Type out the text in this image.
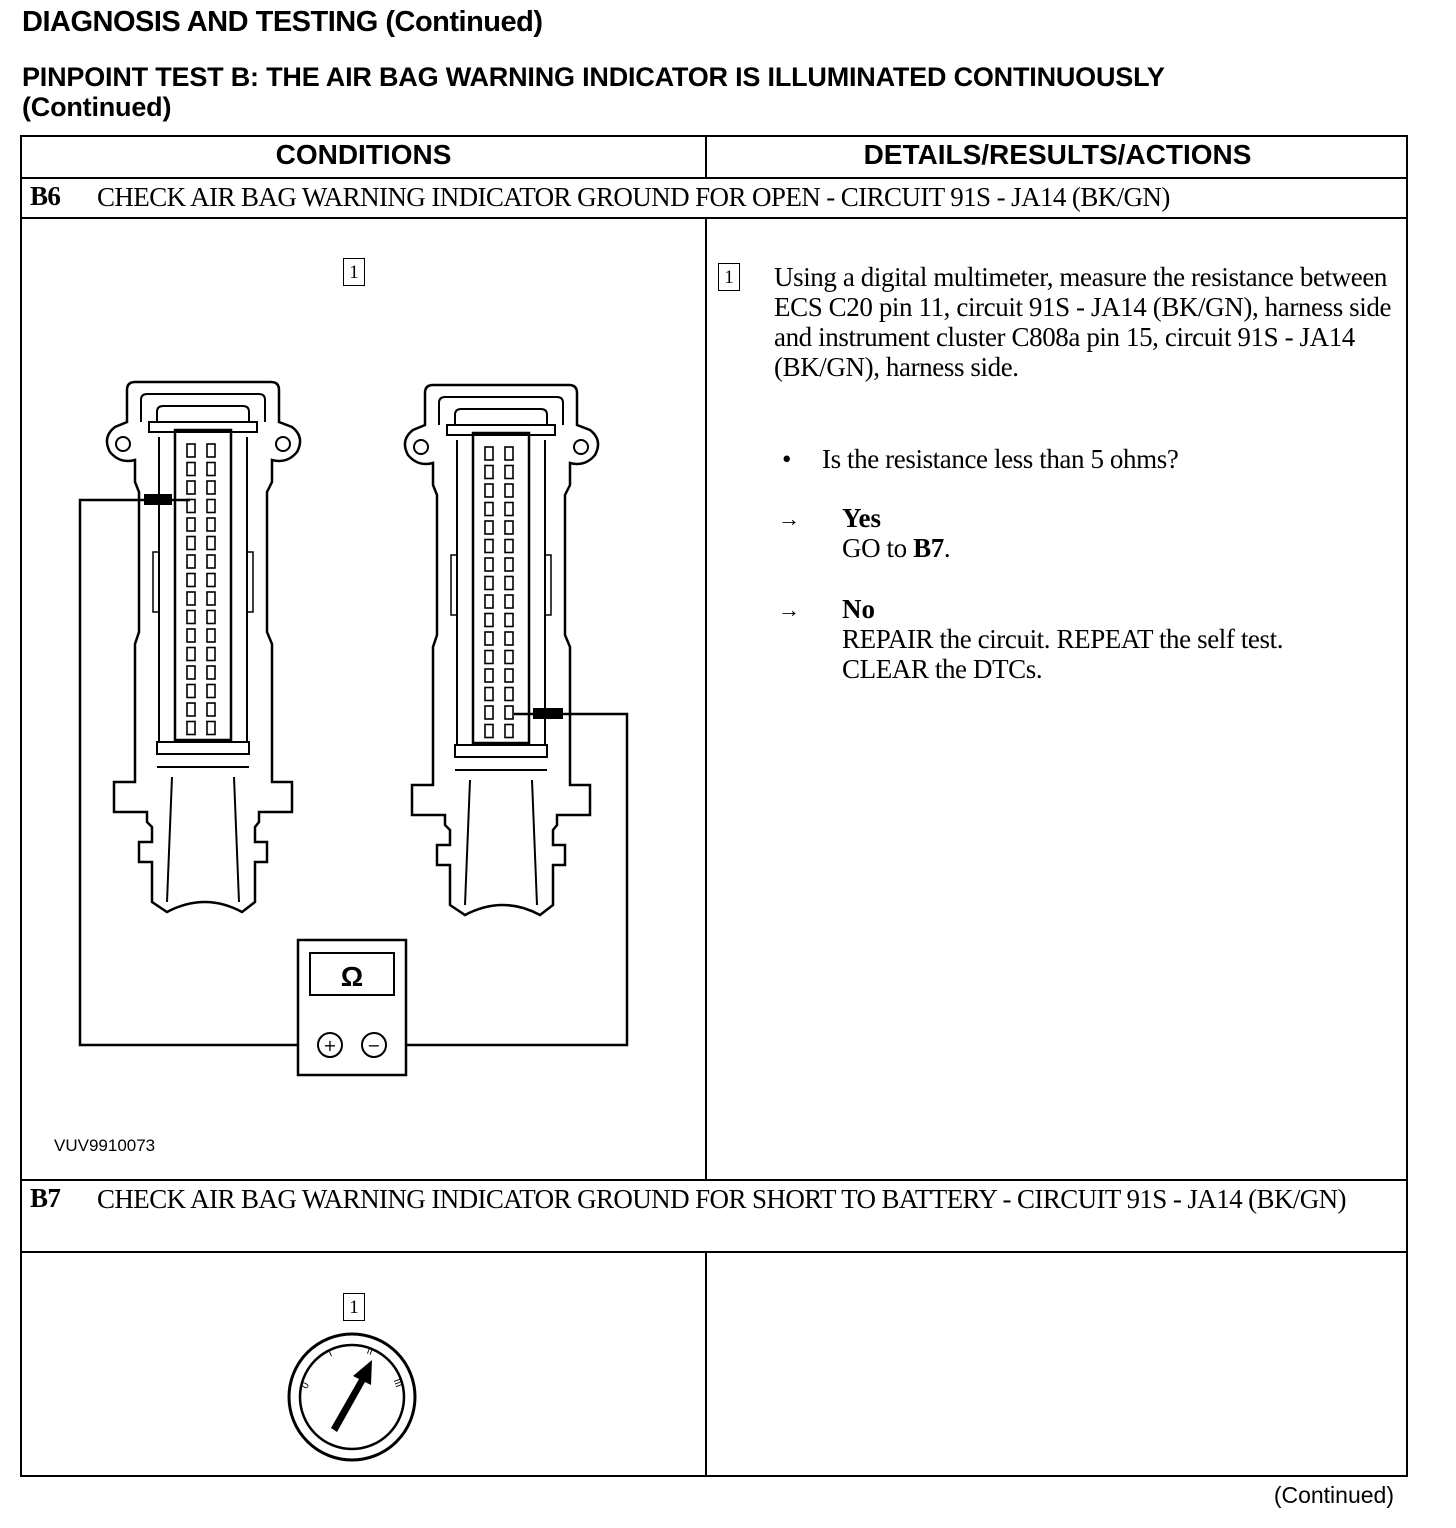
DIAGNOSIS AND TESTING (Continued)
PINPOINT TEST B: THE AIR BAG WARNING INDICATOR IS ILLUMINATED CONTINUOUSLY
(Continued)
CONDITIONS	DETAILS/RESULTS/ACTIONS
B6 CHECK AIR BAG WARNING INDICATOR GROUND FOR OPEN - CIRCUIT 91S - JA14 (BK/GN)
B7 CHECK AIR BAG WARNING INDICATOR GROUND FOR SHORT TO BATTERY - CIRCUIT 91S - JA14 (BK/GN)
1
Ω
+ −
VUV9910073
1 Using a digital multimeter, measure the resistance between ECS C20 pin 11, circuit 91S - JA14 (BK/GN), harness side and instrument cluster C808a pin 15, circuit 91S - JA14 (BK/GN), harness side.
• Is the resistance less than 5 ohms?
→ Yes
GO to B7.
→ No
REPAIR the circuit. REPEAT the self test.
CLEAR the DTCs.
1
0
I	II
III
(Continued)
